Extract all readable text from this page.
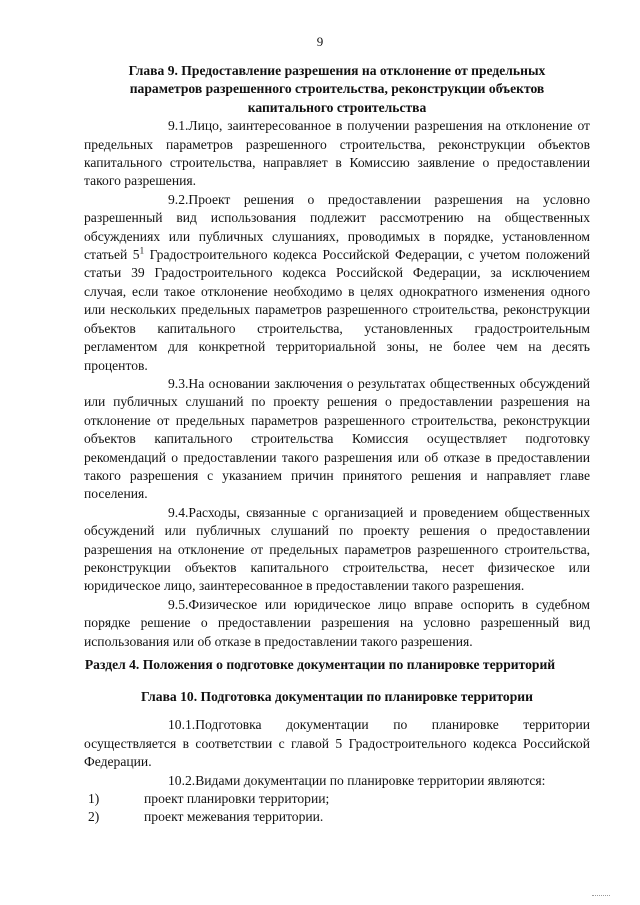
9

Глава 9. Предоставление разрешения на отклонение от предельных параметров разрешенного строительства, реконструкции объектов капитального строительства

9.1.Лицо, заинтересованное в получении разрешения на отклонение от предельных параметров разрешенного строительства, реконструкции объектов капитального строительства, направляет в Комиссию заявление о предоставлении такого разрешения.

9.2.Проект решения о предоставлении разрешения на условно разрешенный вид использования подлежит рассмотрению на общественных обсуждениях или публичных слушаниях, проводимых в порядке, установленном статьей $5^1$ Градостроительного кодекса Российской Федерации, с учетом положений статьи 39 Градостроительного кодекса Российской Федерации, за исключением случая, если такое отклонение необходимо в целях однократного изменения одного или нескольких предельных параметров разрешенного строительства, реконструкции объектов капитального строительства, установленных градостроительным регламентом для конкретной территориальной зоны, не более чем на десять процентов.

9.3.На основании заключения о результатах общественных обсуждений или публичных слушаний по проекту решения о предоставлении разрешения на отклонение от предельных параметров разрешенного строительства, реконструкции объектов капитального строительства Комиссия осуществляет подготовку рекомендаций о предоставлении такого разрешения или об отказе в предоставлении такого разрешения с указанием причин принятого решения и направляет главе поселения.

9.4.Расходы, связанные с организацией и проведением общественных обсуждений или публичных слушаний по проекту решения о предоставлении разрешения на отклонение от предельных параметров разрешенного строительства, реконструкции объектов капитального строительства, несет физическое или юридическое лицо, заинтересованное в предоставлении такого разрешения.

9.5.Физическое или юридическое лицо вправе оспорить в судебном порядке решение о предоставлении разрешения на условно разрешенный вид использования или об отказе в предоставлении такого разрешения.

Раздел 4. Положения о подготовке документации по планировке территорий

Глава 10. Подготовка документации по планировке территории

10.1.Подготовка документации по планировке территории осуществляется в соответствии с главой 5 Градостроительного кодекса Российской Федерации.

10.2.Видами документации по планировке территории являются:

1)	проект планировки территории;

2)	проект межевания территории.
